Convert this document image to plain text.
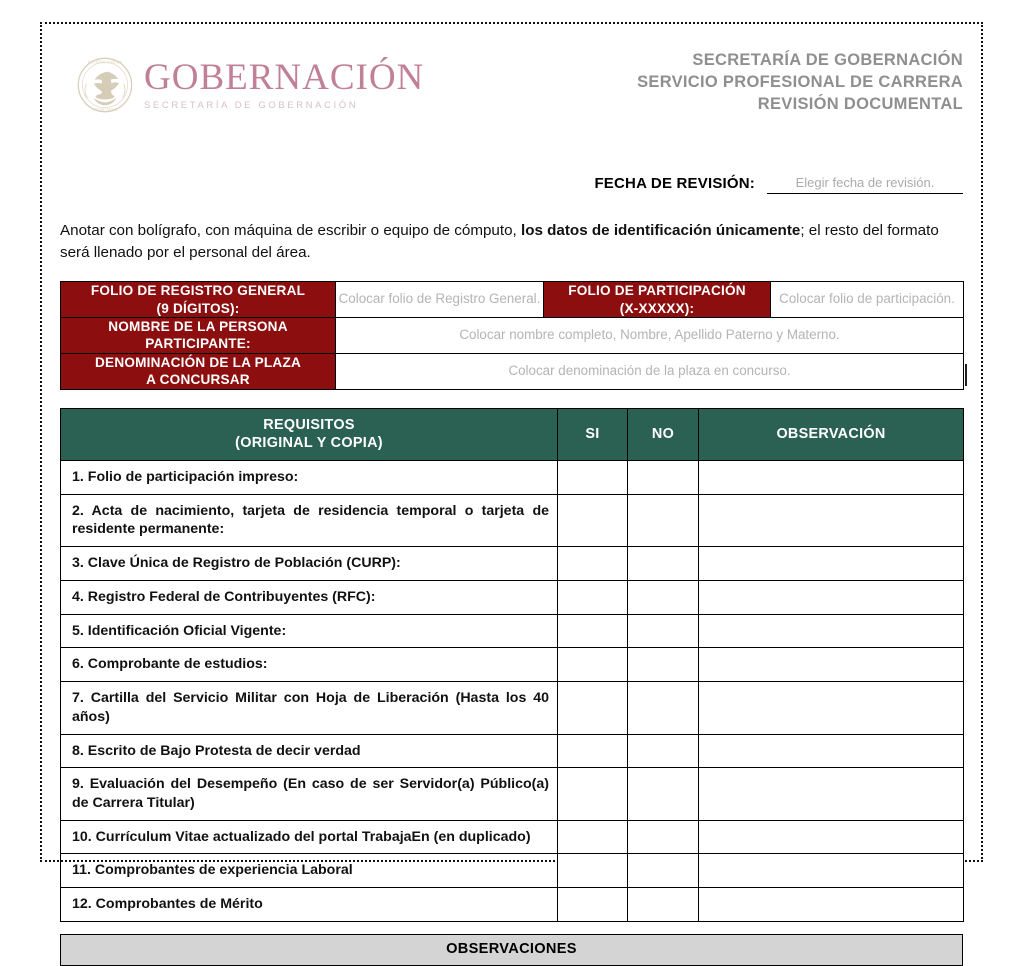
ESTADOS UNIDOS
MEXICANOS
GOBERNACIÓN
SECRETARÍA DE GOBERNACIÓN
SECRETARÍA DE GOBERNACIÓN
SERVICIO PROFESIONAL DE CARRERA
REVISIÓN DOCUMENTAL
FECHA DE REVISIÓN:	Elegir fecha de revisión.
Anotar con bolígrafo, con máquina de escribir o equipo de cómputo, los datos de identificación únicamente; el resto del formato será llenado por el personal del área.
FOLIO DE REGISTRO GENERAL
(9 DÍGITOS):
	Colocar folio de Registro General.	
FOLIO DE PARTICIPACIÓN
(X-XXXXX):
	Colocar folio de participación.

NOMBRE DE LA PERSONA
PARTICIPANTE:	Colocar nombre completo, Nombre, Apellido Paterno y Materno.		

DENOMINACIÓN DE LA PLAZA
A CONCURSAR	Colocar denominación de la plaza en concurso.		
REQUISITOS
(ORIGINAL Y COPIA)	SI	NO	OBSERVACIÓN
1. Folio de participación impreso:			
2. Acta de nacimiento, tarjeta de residencia temporal o tarjeta de residente permanente:			
3. Clave Única de Registro de Población (CURP):			
4. Registro Federal de Contribuyentes (RFC):			
5. Identificación Oficial Vigente:			
6. Comprobante de estudios:			
7. Cartilla del Servicio Militar con Hoja de Liberación (Hasta los 40 años)			
8. Escrito de Bajo Protesta de decir verdad			
9. Evaluación del Desempeño (En caso de ser Servidor(a) Público(a) de Carrera Titular)			
10. Currículum Vitae actualizado del portal TrabajaEn (en duplicado)			
11. Comprobantes de experiencia Laboral			
12. Comprobantes de Mérito			
OBSERVACIONES
